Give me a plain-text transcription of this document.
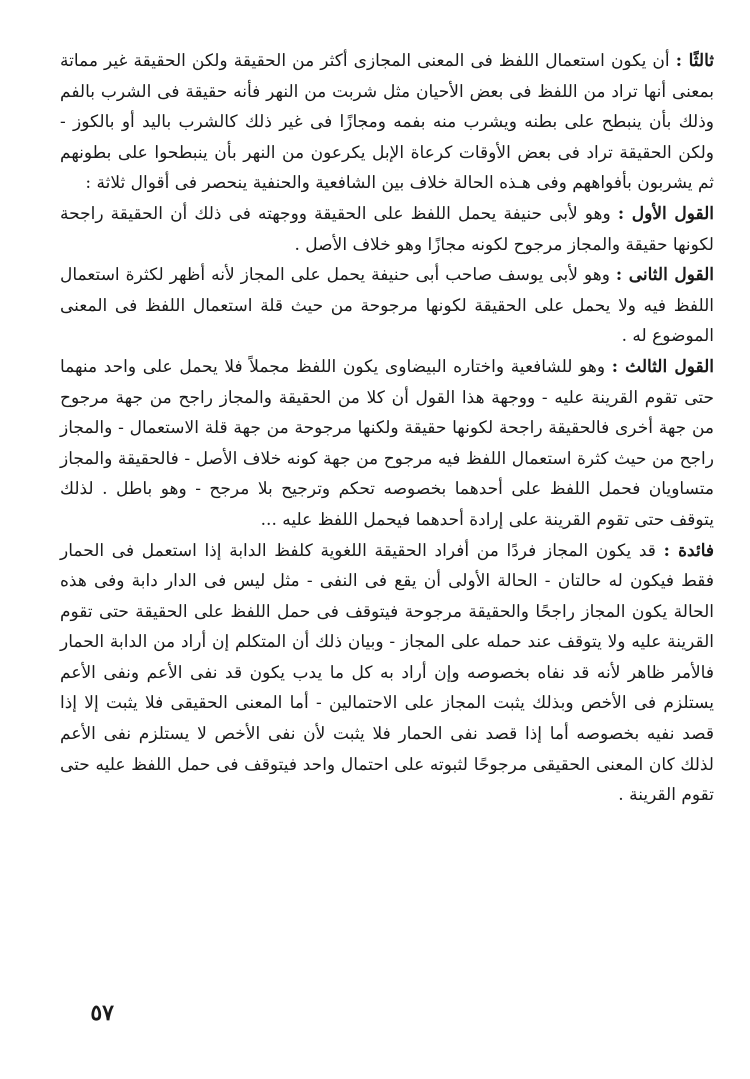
ثالثًا : أن يكون استعمال اللفظ فى المعنى المجازى أكثر من الحقيقة ولكن الحقيقة غير مماتة بمعنى أنها تراد من اللفظ فى بعض الأحيان مثل شربت من النهر فأنه حقيقة فى الشرب بالفم وذلك بأن ينبطح على بطنه ويشرب منه بفمه ومجازًا فى غير ذلك كالشرب باليد أو بالكوز - ولكن الحقيقة تراد فى بعض الأوقات كرعاة الإبل يكرعون من النهر بأن ينبطحوا على بطونهم ثم يشربون بأفواههم وفى هـذه الحالة خلاف بين الشافعية والحنفية ينحصر فى أقوال ثلاثة :

القول الأول : وهو لأبى حنيفة يحمل اللفظ على الحقيقة ووجهته فى ذلك أن الحقيقة راجحة لكونها حقيقة والمجاز مرجوح لكونه مجازًا وهو خلاف الأصل .

القول الثانى : وهو لأبى يوسف صاحب أبى حنيفة يحمل على المجاز لأنه أظهر لكثرة استعمال اللفظ فيه ولا يحمل على الحقيقة لكونها مرجوحة من حيث قلة استعمال اللفظ فى المعنى الموضوع له .

القول الثالث : وهو للشافعية واختاره البيضاوى يكون اللفظ مجملاً فلا يحمل على واحد منهما حتى تقوم القرينة عليه - ووجهة هذا القول أن كلا من الحقيقة والمجاز راجح من جهة مرجوح من جهة أخرى فالحقيقة راجحة لكونها حقيقة ولكنها مرجوحة من جهة قلة الاستعمال - والمجاز راجح من حيث كثرة استعمال اللفظ فيه مرجوح من جهة كونه خلاف الأصل - فالحقيقة والمجاز متساويان فحمل اللفظ على أحدهما بخصوصه تحكم وترجيح بلا مرجح - وهو باطل . لذلك يتوقف حتى تقوم القرينة على إرادة أحدهما فيحمل اللفظ عليه ...

فائدة : قد يكون المجاز فردًا من أفراد الحقيقة اللغوية كلفظ الدابة إذا استعمل فى الحمار فقط فيكون له حالتان - الحالة الأولى أن يقع فى النفى - مثل ليس فى الدار دابة وفى هذه الحالة يكون المجاز راجحًا والحقيقة مرجوحة فيتوقف فى حمل اللفظ على الحقيقة حتى تقوم القرينة عليه ولا يتوقف عند حمله على المجاز - وبيان ذلك أن المتكلم إن أراد من الدابة الحمار فالأمر ظاهر لأنه قد نفاه بخصوصه وإن أراد به كل ما يدب يكون قد نفى الأعم ونفى الأعم يستلزم فى الأخص وبذلك يثبت المجاز على الاحتمالين - أما المعنى الحقيقى فلا يثبت إلا إذا قصد نفيه بخصوصه أما إذا قصد نفى الحمار فلا يثبت لأن نفى الأخص لا يستلزم نفى الأعم لذلك كان المعنى الحقيقى مرجوحًا لثبوته على احتمال واحد فيتوقف فى حمل اللفظ عليه حتى تقوم القرينة .

٥٧
